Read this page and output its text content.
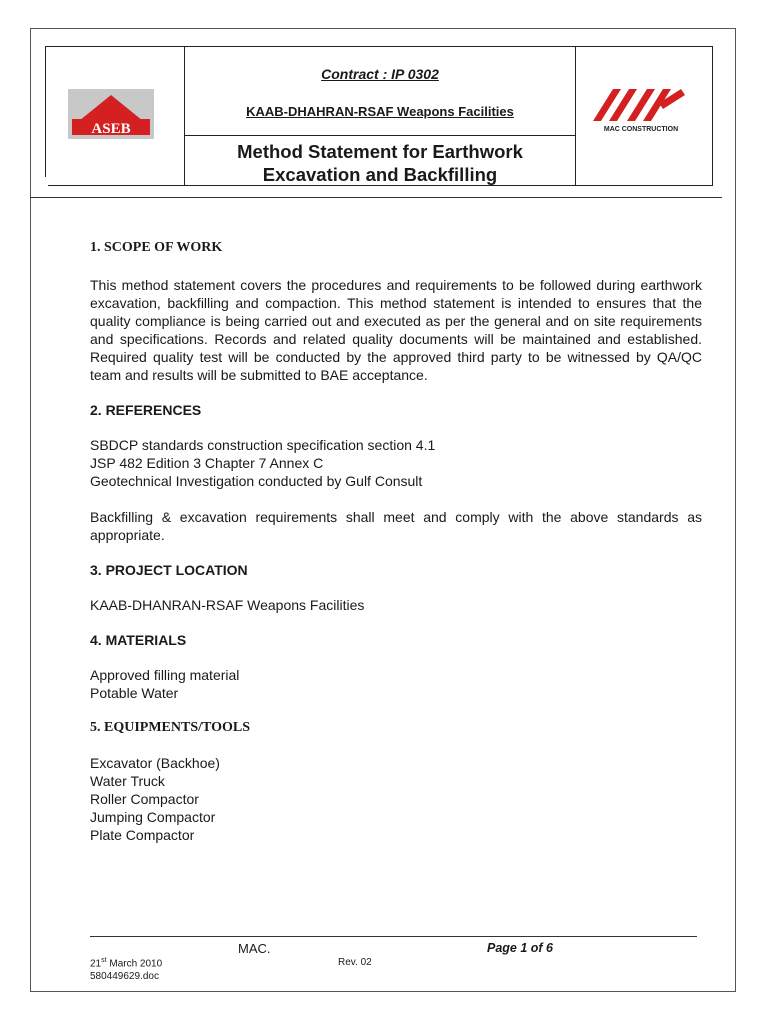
ASEB
Contract : IP 0302
KAAB-DHAHRAN-RSAF Weapons Facilities
Method Statement for Earthwork
Excavation and Backfilling
MAC CONSTRUCTION
1. SCOPE OF WORK

This method statement covers the procedures and requirements to be followed during earthwork excavation, backfilling and compaction. This method statement is intended to ensures that the quality compliance is being carried out and executed as per the general and on site requirements and specifications. Records and related quality documents will be maintained and established. Required quality test will be conducted by the approved third party to be witnessed by QA/QC team and results will be submitted to BAE acceptance.

2. REFERENCES
SBDCP standards construction specification section 4.1
JSP 482 Edition 3 Chapter 7 Annex C
Geotechnical Investigation conducted by Gulf Consult

Backfilling & excavation requirements shall meet and comply with the above standards as appropriate.

3. PROJECT LOCATION
KAAB-DHANRAN-RSAF Weapons Facilities
4. MATERIALS
Approved filling material
Potable Water
5. EQUIPMENTS/TOOLS
Excavator (Backhoe)
Water Truck
Roller Compactor
Jumping Compactor
Plate Compactor
MAC.	Page 1 of 6
21st March 2010	Rev. 02
580449629.doc
